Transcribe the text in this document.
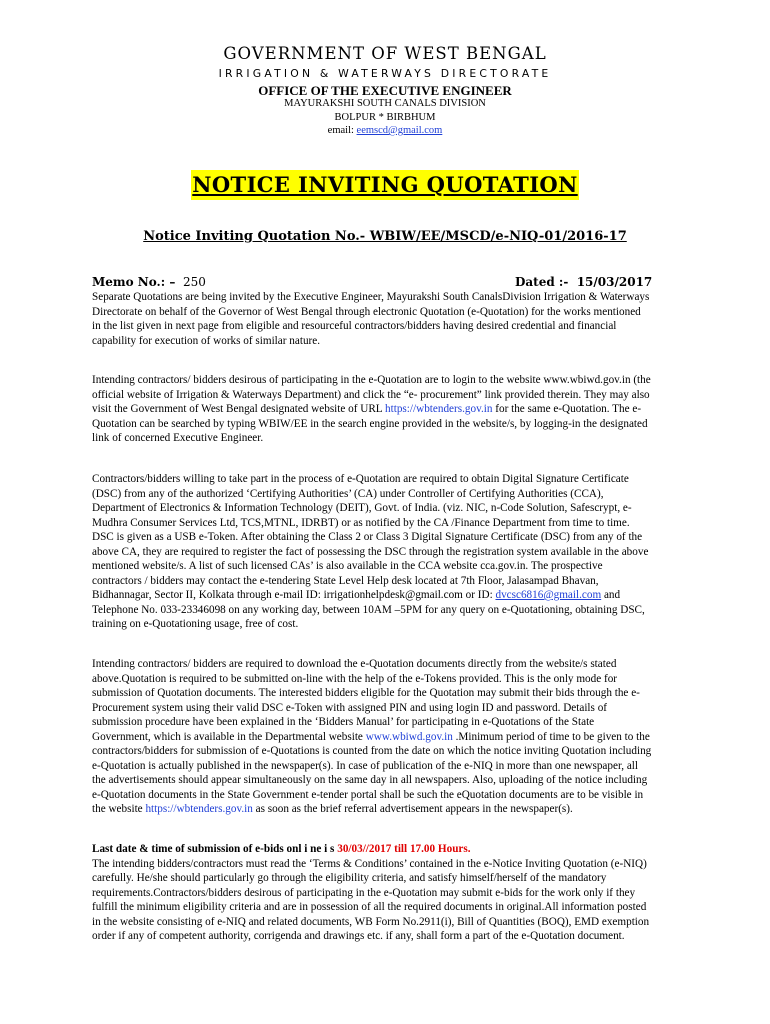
GOVERNMENT OF WEST BENGAL
IRRIGATION & WATERWAYS DIRECTORATE
OFFICE OF THE EXECUTIVE ENGINEER
MAYURAKSHI SOUTH CANALS DIVISION
BOLPUR * BIRBHUM
email: eemscd@gmail.com
NOTICE INVITING QUOTATION
Notice Inviting Quotation No.- WBIW/EE/MSCD/e-NIQ-01/2016-17
Memo No.: – 250	Dated :- 15/03/2017
Separate Quotations are being invited by the Executive Engineer, Mayurakshi South CanalsDivision Irrigation & Waterways
Directorate on behalf of the Governor of West Bengal through electronic Quotation (e-Quotation) for the works mentioned
in the list given in next page from eligible and resourceful contractors/bidders having desired credential and financial
capability for execution of works of similar nature.
Intending contractors/ bidders desirous of participating in the e-Quotation are to login to the website www.wbiwd.gov.in (the
official website of Irrigation & Waterways Department) and click the “e- procurement” link provided therein. They may also
visit the Government of West Bengal designated website of URL https://wbtenders.gov.in for the same e-Quotation. The e-
Quotation can be searched by typing WBIW/EE in the search engine provided in the website/s, by logging-in the designated
link of concerned Executive Engineer.
Contractors/bidders willing to take part in the process of e-Quotation are required to obtain Digital Signature Certificate
(DSC) from any of the authorized ‘Certifying Authorities’ (CA) under Controller of Certifying Authorities (CCA),
Department of Electronics & Information Technology (DEIT), Govt. of India. (viz. NIC, n-Code Solution, Safescrypt, e-
Mudhra Consumer Services Ltd, TCS,MTNL, IDRBT) or as notified by the CA /Finance Department from time to time.
DSC is given as a USB e-Token. After obtaining the Class 2 or Class 3 Digital Signature Certificate (DSC) from any of the
above CA, they are required to register the fact of possessing the DSC through the registration system available in the above
mentioned website/s. A list of such licensed CAs’ is also available in the CCA website cca.gov.in. The prospective
contractors / bidders may contact the e-tendering State Level Help desk located at 7th Floor, Jalasampad Bhavan,
Bidhannagar, Sector II, Kolkata through e-mail ID: irrigationhelpdesk@gmail.com or ID: dvcsc6816@gmail.com and
Telephone No. 033-23346098 on any working day, between 10AM –5PM for any query on e-Quotationing, obtaining DSC,
training on e-Quotationing usage, free of cost.
Intending contractors/ bidders are required to download the e-Quotation documents directly from the website/s stated
above.Quotation is required to be submitted on-line with the help of the e-Tokens provided. This is the only mode for
submission of Quotation documents. The interested bidders eligible for the Quotation may submit their bids through the e-
Procurement system using their valid DSC e-Token with assigned PIN and using login ID and password. Details of
submission procedure have been explained in the ‘Bidders Manual’ for participating in e-Quotations of the State
Government, which is available in the Departmental website www.wbiwd.gov.in .Minimum period of time to be given to the
contractors/bidders for submission of e-Quotations is counted from the date on which the notice inviting Quotation including
e-Quotation is actually published in the newspaper(s). In case of publication of the e-NIQ in more than one newspaper, all
the advertisements should appear simultaneously on the same day in all newspapers. Also, uploading of the notice including
e-Quotation documents in the State Government e-tender portal shall be such the eQuotation documents are to be visible in
the website https://wbtenders.gov.in as soon as the brief referral advertisement appears in the newspaper(s).
Last date & time of submission of e-bids onl i ne i s 30/03//2017 till 17.00 Hours.
The intending bidders/contractors must read the ‘Terms & Conditions’ contained in the e-Notice Inviting Quotation (e-NIQ)
carefully. He/she should particularly go through the eligibility criteria, and satisfy himself/herself of the mandatory
requirements.Contractors/bidders desirous of participating in the e-Quotation may submit e-bids for the work only if they
fulfill the minimum eligibility criteria and are in possession of all the required documents in original.All information posted
in the website consisting of e-NIQ and related documents, WB Form No.2911(i), Bill of Quantities (BOQ), EMD exemption
order if any of competent authority, corrigenda and drawings etc. if any, shall form a part of the e-Quotation document.
